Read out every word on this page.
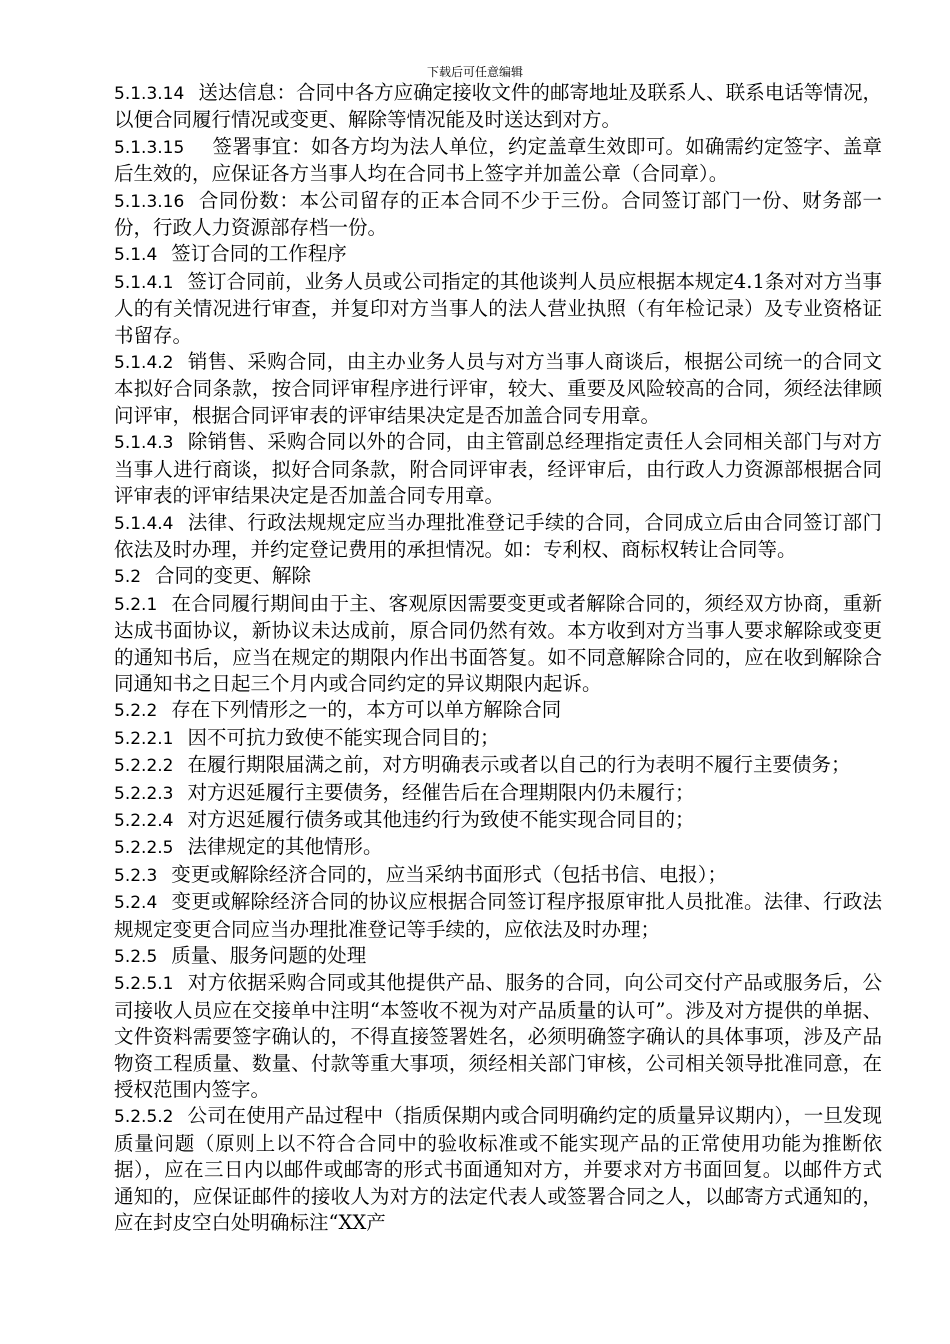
下载后可任意编辑

5.1.3.14 送达信息：合同中各方应确定接收文件的邮寄地址及联系人、联系电话等情况，以便合同履行情况或变更、解除等情况能及时送达到对方。

5.1.3.15 签署事宜：如各方均为法人单位，约定盖章生效即可。如确需约定签字、盖章后生效的，应保证各方当事人均在合同书上签字并加盖公章（合同章）。

5.1.3.16 合同份数：本公司留存的正本合同不少于三份。合同签订部门一份、财务部一份，行政人力资源部存档一份。

5.1.4 签订合同的工作程序

5.1.4.1 签订合同前，业务人员或公司指定的其他谈判人员应根据本规定4.1条对对方当事人的有关情况进行审查，并复印对方当事人的法人营业执照（有年检记录）及专业资格证书留存。

5.1.4.2 销售、采购合同，由主办业务人员与对方当事人商谈后，根据公司统一的合同文本拟好合同条款，按合同评审程序进行评审，较大、重要及风险较高的合同，须经法律顾问评审，根据合同评审表的评审结果决定是否加盖合同专用章。

5.1.4.3 除销售、采购合同以外的合同，由主管副总经理指定责任人会同相关部门与对方当事人进行商谈，拟好合同条款，附合同评审表，经评审后，由行政人力资源部根据合同评审表的评审结果决定是否加盖合同专用章。

5.1.4.4 法律、行政法规规定应当办理批准登记手续的合同，合同成立后由合同签订部门依法及时办理，并约定登记费用的承担情况。如：专利权、商标权转让合同等。

5.2 合同的变更、解除

5.2.1 在合同履行期间由于主、客观原因需要变更或者解除合同的，须经双方协商，重新达成书面协议，新协议未达成前，原合同仍然有效。本方收到对方当事人要求解除或变更的通知书后，应当在规定的期限内作出书面答复。如不同意解除合同的，应在收到解除合同通知书之日起三个月内或合同约定的异议期限内起诉。

5.2.2 存在下列情形之一的，本方可以单方解除合同

5.2.2.1 因不可抗力致使不能实现合同目的；

5.2.2.2 在履行期限届满之前，对方明确表示或者以自己的行为表明不履行主要债务；

5.2.2.3 对方迟延履行主要债务，经催告后在合理期限内仍未履行；

5.2.2.4 对方迟延履行债务或其他违约行为致使不能实现合同目的；

5.2.2.5 法律规定的其他情形。

5.2.3 变更或解除经济合同的，应当采纳书面形式（包括书信、电报）；

5.2.4 变更或解除经济合同的协议应根据合同签订程序报原审批人员批准。法律、行政法规规定变更合同应当办理批准登记等手续的，应依法及时办理；

5.2.5 质量、服务问题的处理

5.2.5.1 对方依据采购合同或其他提供产品、服务的合同，向公司交付产品或服务后，公司接收人员应在交接单中注明“本签收不视为对产品质量的认可”。涉及对方提供的单据、文件资料需要签字确认的，不得直接签署姓名，必须明确签字确认的具体事项，涉及产品物资工程质量、数量、付款等重大事项，须经相关部门审核，公司相关领导批准同意，在授权范围内签字。

5.2.5.2 公司在使用产品过程中（指质保期内或合同明确约定的质量异议期内），一旦发现质量问题（原则上以不符合合同中的验收标准或不能实现产品的正常使用功能为推断依据），应在三日内以邮件或邮寄的形式书面通知对方，并要求对方书面回复。以邮件方式通知的，应保证邮件的接收人为对方的法定代表人或签署合同之人，以邮寄方式通知的，应在封皮空白处明确标注“XX产
